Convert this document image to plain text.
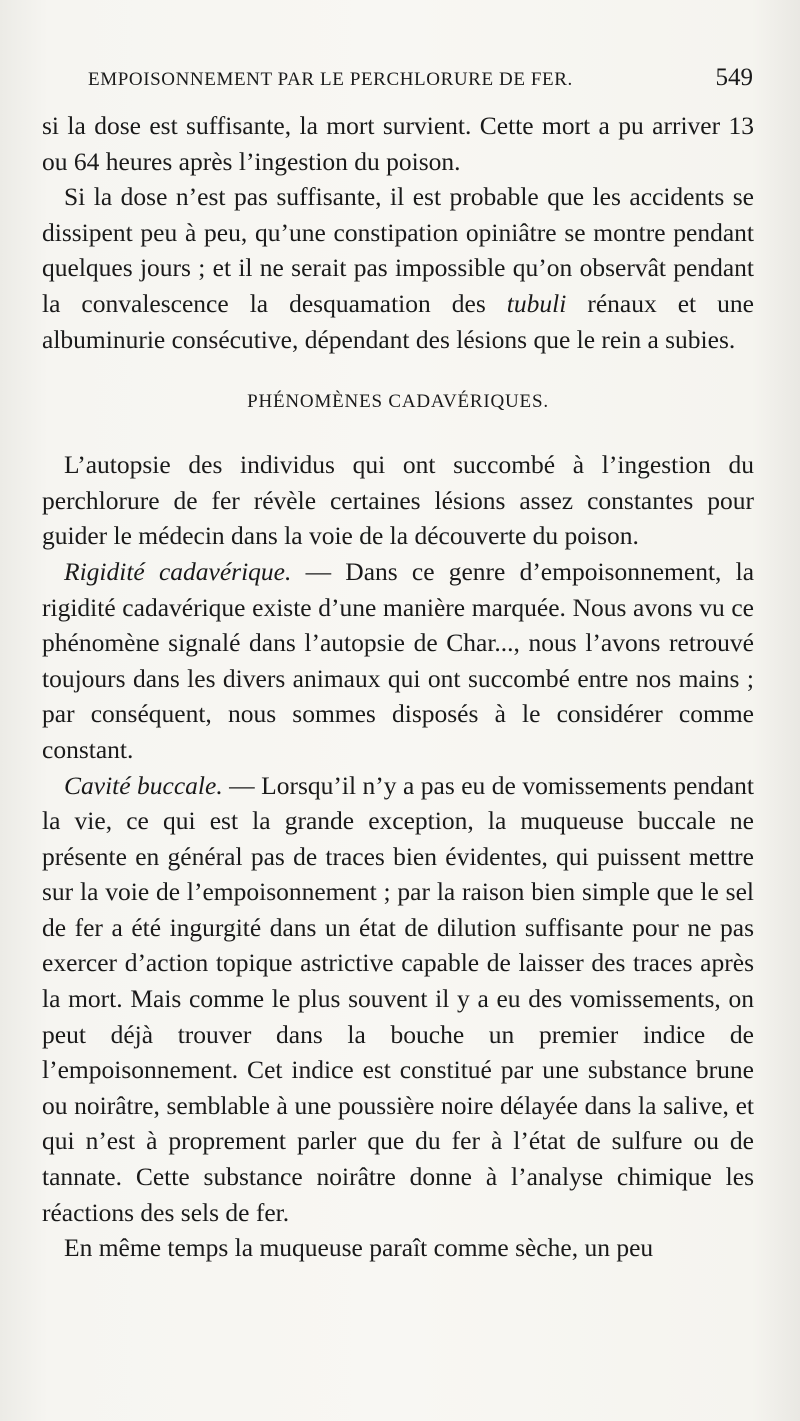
EMPOISONNEMENT PAR LE PERCHLORURE DE FER.	549

si la dose est suffisante, la mort survient. Cette mort a pu arriver 13 ou 64 heures après l’ingestion du poison.

Si la dose n’est pas suffisante, il est probable que les accidents se dissipent peu à peu, qu’une constipation opiniâtre se montre pendant quelques jours ; et il ne serait pas impossible qu’on observât pendant la convalescence la desquamation des tubuli rénaux et une albuminurie consécutive, dépendant des lésions que le rein a subies.

PHÉNOMÈNES CADAVÉRIQUES.

L’autopsie des individus qui ont succombé à l’ingestion du perchlorure de fer révèle certaines lésions assez constantes pour guider le médecin dans la voie de la découverte du poison.

Rigidité cadavérique. — Dans ce genre d’empoisonnement, la rigidité cadavérique existe d’une manière marquée. Nous avons vu ce phénomène signalé dans l’autopsie de Char..., nous l’avons retrouvé toujours dans les divers animaux qui ont succombé entre nos mains ; par conséquent, nous sommes disposés à le considérer comme constant.

Cavité buccale. — Lorsqu’il n’y a pas eu de vomissements pendant la vie, ce qui est la grande exception, la muqueuse buccale ne présente en général pas de traces bien évidentes, qui puissent mettre sur la voie de l’empoisonnement ; par la raison bien simple que le sel de fer a été ingurgité dans un état de dilution suffisante pour ne pas exercer d’action topique astrictive capable de laisser des traces après la mort. Mais comme le plus souvent il y a eu des vomissements, on peut déjà trouver dans la bouche un premier indice de l’empoisonnement. Cet indice est constitué par une substance brune ou noirâtre, semblable à une poussière noire délayée dans la salive, et qui n’est à proprement parler que du fer à l’état de sulfure ou de tannate. Cette substance noirâtre donne à l’analyse chimique les réactions des sels de fer.

En même temps la muqueuse paraît comme sèche, un peu
